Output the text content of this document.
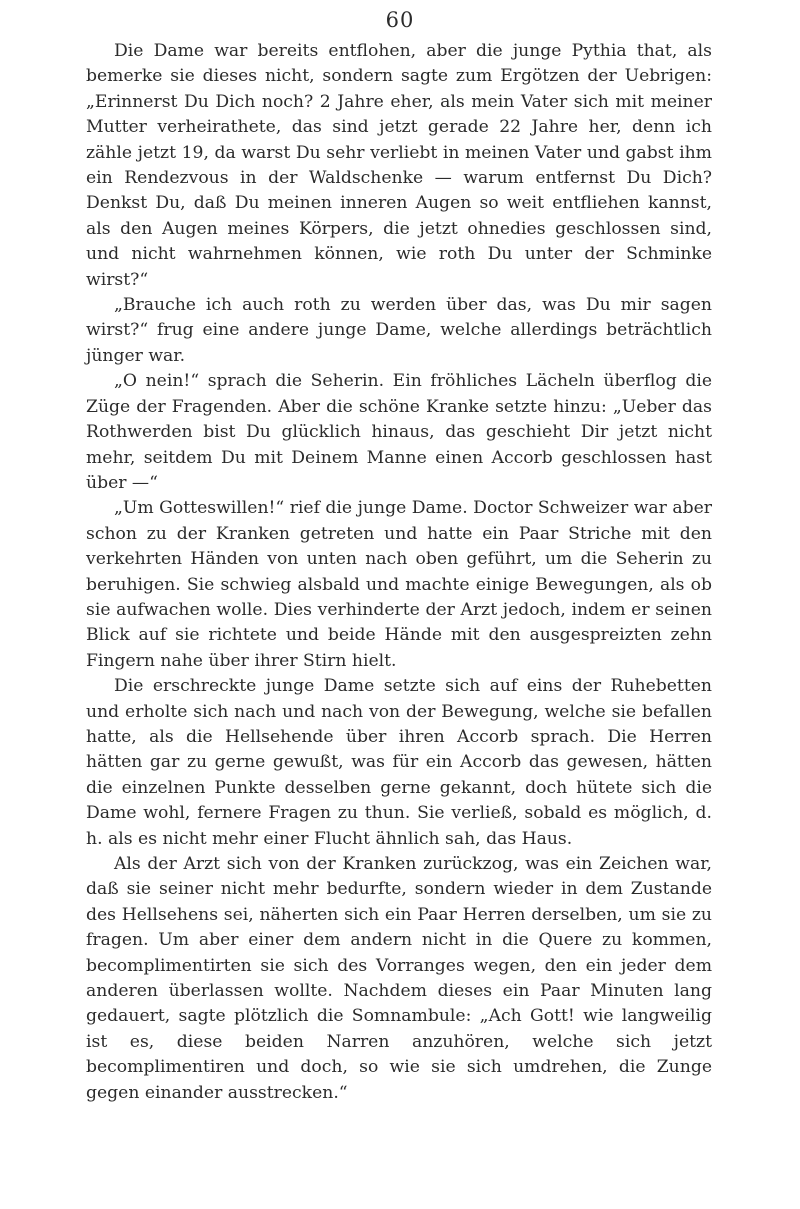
60

Die Dame war bereits entflohen, aber die junge Pythia that, als bemerke sie dieses nicht, sondern sagte zum Ergötzen der Uebrigen: „Erinnerst Du Dich noch? 2 Jahre eher, als mein Vater sich mit meiner Mutter verheirathete, das sind jetzt gerade 22 Jahre her, denn ich zähle jetzt 19, da warst Du sehr verliebt in meinen Vater und gabst ihm ein Rendezvous in der Waldschenke — warum entfernst Du Dich? Denkst Du, daß Du meinen inneren Augen so weit entfliehen kannst, als den Augen meines Körpers, die jetzt ohnedies geschlossen sind, und nicht wahrnehmen können, wie roth Du unter der Schminke wirst?“

„Brauche ich auch roth zu werden über das, was Du mir sagen wirst?“ frug eine andere junge Dame, welche allerdings beträchtlich jünger war.

„O nein!“ sprach die Seherin. Ein fröhliches Lächeln überflog die Züge der Fragenden. Aber die schöne Kranke setzte hinzu: „Ueber das Rothwerden bist Du glücklich hinaus, das geschieht Dir jetzt nicht mehr, seitdem Du mit Deinem Manne einen Accorb geschlossen hast über —“

„Um Gotteswillen!“ rief die junge Dame. Doctor Schweizer war aber schon zu der Kranken getreten und hatte ein Paar Striche mit den verkehrten Händen von unten nach oben geführt, um die Seherin zu beruhigen. Sie schwieg alsbald und machte einige Bewegungen, als ob sie aufwachen wolle. Dies verhinderte der Arzt jedoch, indem er seinen Blick auf sie richtete und beide Hände mit den ausgespreizten zehn Fingern nahe über ihrer Stirn hielt.

Die erschreckte junge Dame setzte sich auf eins der Ruhebetten und erholte sich nach und nach von der Bewegung, welche sie befallen hatte, als die Hellsehende über ihren Accorb sprach. Die Herren hätten gar zu gerne gewußt, was für ein Accorb das gewesen, hätten die einzelnen Punkte desselben gerne gekannt, doch hütete sich die Dame wohl, fernere Fragen zu thun. Sie verließ, sobald es möglich, d. h. als es nicht mehr einer Flucht ähnlich sah, das Haus.

Als der Arzt sich von der Kranken zurückzog, was ein Zeichen war, daß sie seiner nicht mehr bedurfte, sondern wieder in dem Zustande des Hellsehens sei, näherten sich ein Paar Herren derselben, um sie zu fragen. Um aber einer dem andern nicht in die Quere zu kommen, becomplimentirten sie sich des Vorranges wegen, den ein jeder dem anderen überlassen wollte. Nachdem dieses ein Paar Minuten lang gedauert, sagte plötzlich die Somnambule: „Ach Gott! wie langweilig ist es, diese beiden Narren anzuhören, welche sich jetzt becomplimentiren und doch, so wie sie sich umdrehen, die Zunge gegen einander ausstrecken.“
